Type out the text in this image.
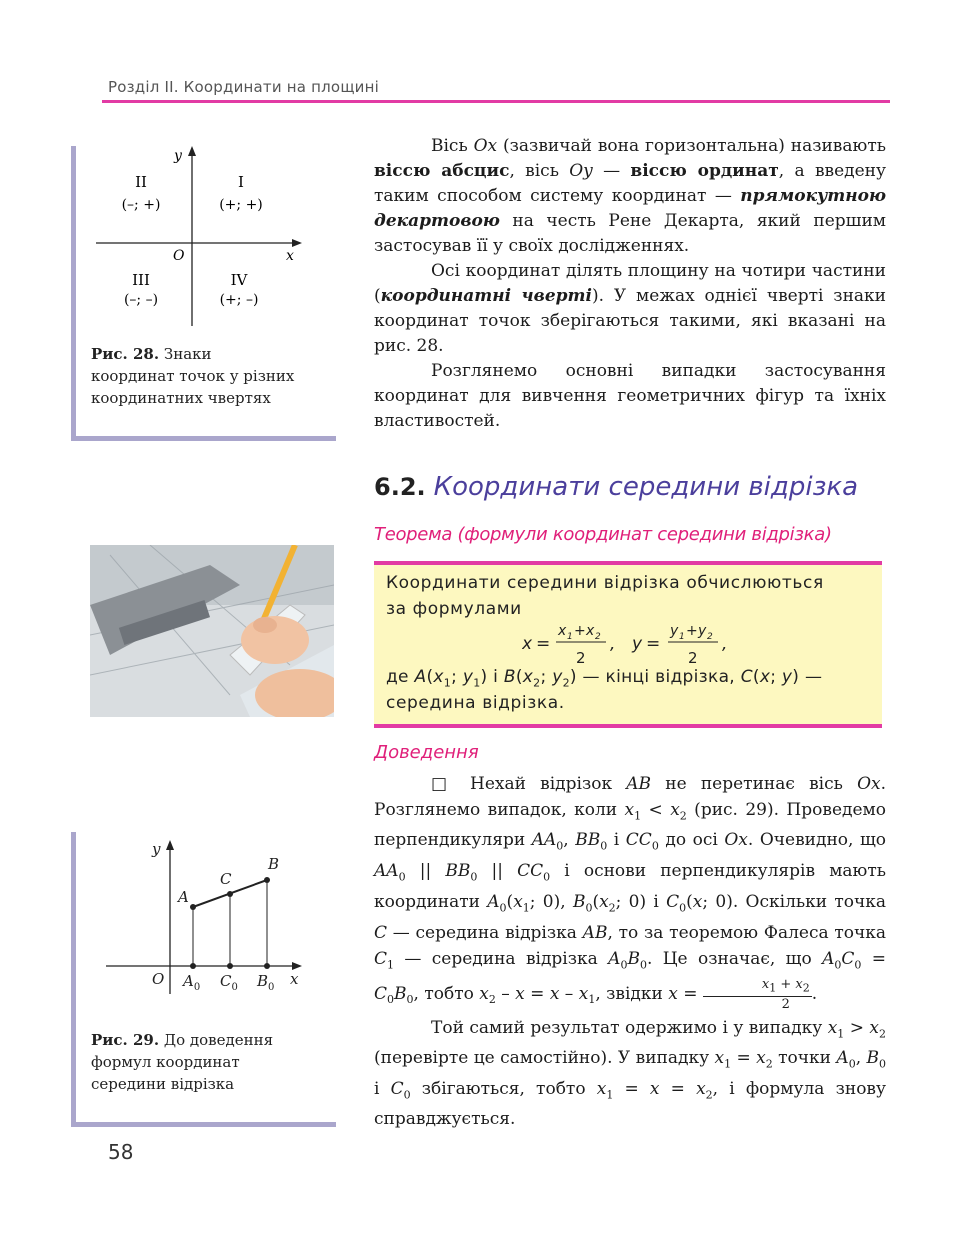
Розділ ІІ. Координати на площині
y
x
O
II
(–; +)
I
(+; +)
III
(–; –)
IV
(+; –)
Рис. 28. Знаки координат точок у різних координатних чвертях

Вісь Ox (зазвичай вона горизонтальна) називають віссю абсцис, вісь Oy — віссю ординат, а введену таким способом систему координат — прямокутною декартовою на честь Рене Декарта, який першим застосував її у своїх дослідженнях.

Осі координат ділять площину на чотири частини (координатні чверті). У межах однієї чверті знаки координат точок зберігаються такими, які вказані на рис. 28.

Розглянемо основні випадки застосування координат для вивчення геометричних фігур та їхніх властивостей.

6.2. Координати середини відрізка
Теорема (формули координат середини відрізка)
Координати середини відрізка обчислюються
за формулами
x =
x 1 + x 2
2
, y =
y 1 + y 2
2
,
де $A(x_1$; $y_1$) і $B(x_2$; $y_2$) — кінці відрізка, C(x; y) —
середина відрізка.
Доведення

□ Нехай відрізок AB не перетинає вісь Ox. Розглянемо випадок, коли $x_1 < x_2$ (рис. 29). Проведемо перпендикуляри $AA_0$, $BB_0$ і $CC_0$ до осі Ox. Очевидно, що $AA_0$ || $BB_0$ || $CC_0$ і основи перпендикулярів мають координати $A_0(x_1$; 0), $B_0(x_2$; 0) і $C_0(x$; 0). Оскільки точка C — середина відрізка AB, то за теоремою Фалеса точка $C_1$ — середина відрізка $A_0B_0$. Це означає, що $A_0C_0 = C_0B_0$, тобто $x_2 - x = x - x_1$, звідки $x = \frac{x_1 + x_2}{2}$ .

Той самий результат одержимо і у випадку $x_1 > x_2$ (перевірте це самостійно). У випадку $x_1 = x_2$ точки $A_0$, $B_0$ і $C_0$ збігаються, тобто $x_1 = x = x_2$, і формула знову справджується.

y
x
O
A
C
B
$A_0$ $C_0$ $B_0$
Рис. 29. До доведення формул координат середини відрізка
58
